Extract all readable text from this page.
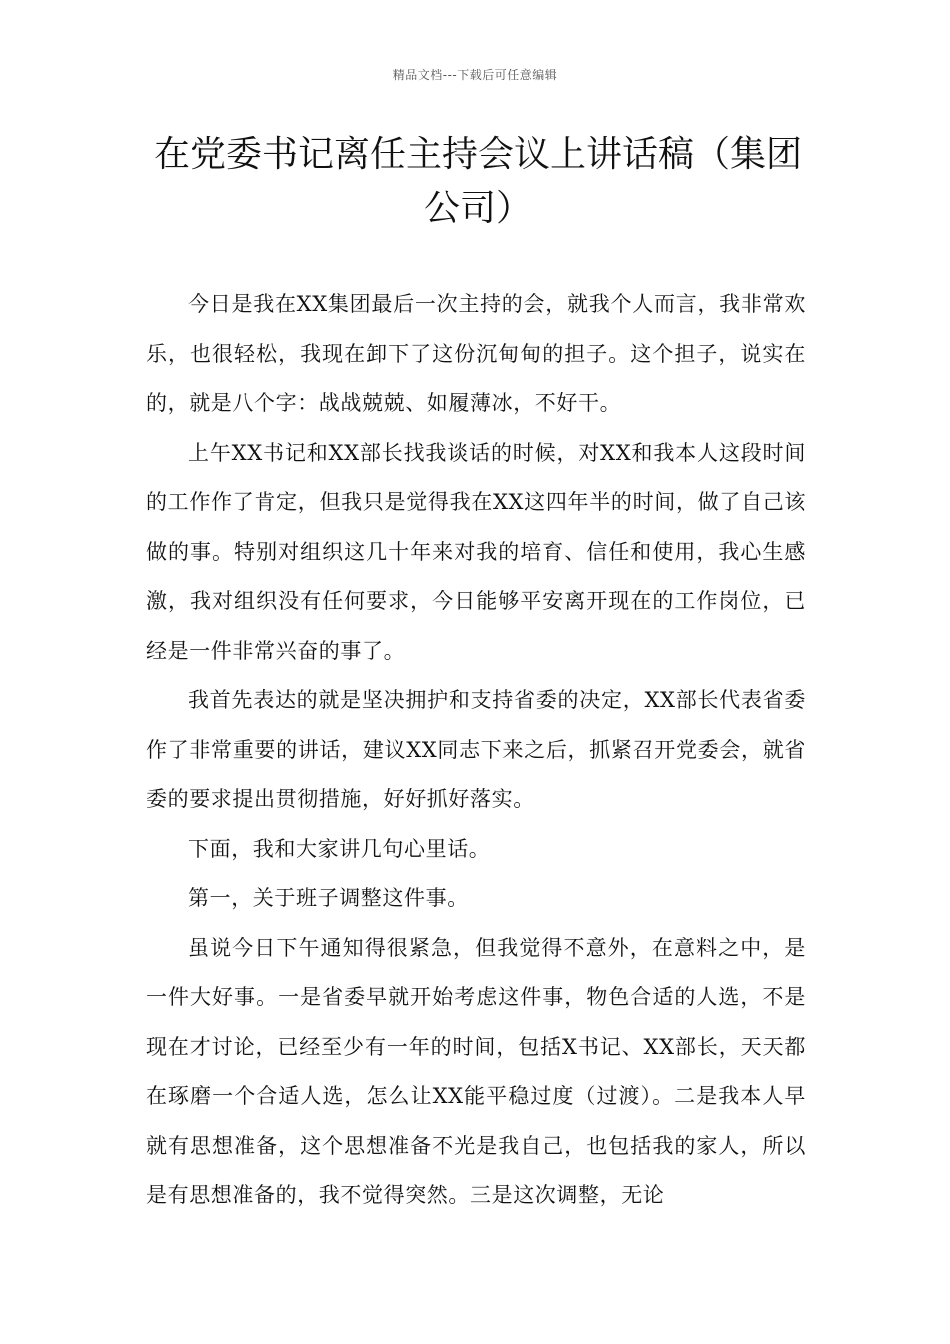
精品文档---下载后可任意编辑
在党委书记离任主持会议上讲话稿（集团公司）

今日是我在XX集团最后一次主持的会，就我个人而言，我非常欢乐，也很轻松，我现在卸下了这份沉甸甸的担子。这个担子，说实在的，就是八个字：战战兢兢、如履薄冰，不好干。

上午XX书记和XX部长找我谈话的时候，对XX和我本人这段时间的工作作了肯定，但我只是觉得我在XX这四年半的时间，做了自己该做的事。特别对组织这几十年来对我的培育、信任和使用，我心生感激，我对组织没有任何要求，今日能够平安离开现在的工作岗位，已经是一件非常兴奋的事了。

我首先表达的就是坚决拥护和支持省委的决定，XX部长代表省委作了非常重要的讲话，建议XX同志下来之后，抓紧召开党委会，就省委的要求提出贯彻措施，好好抓好落实。

下面，我和大家讲几句心里话。

第一，关于班子调整这件事。

虽说今日下午通知得很紧急，但我觉得不意外，在意料之中，是一件大好事。一是省委早就开始考虑这件事，物色合适的人选，不是现在才讨论，已经至少有一年的时间，包括X书记、XX部长，天天都在琢磨一个合适人选，怎么让XX能平稳过度（过渡）。二是我本人早就有思想准备，这个思想准备不光是我自己，也包括我的家人，所以是有思想准备的，我不觉得突然。三是这次调整，无论
